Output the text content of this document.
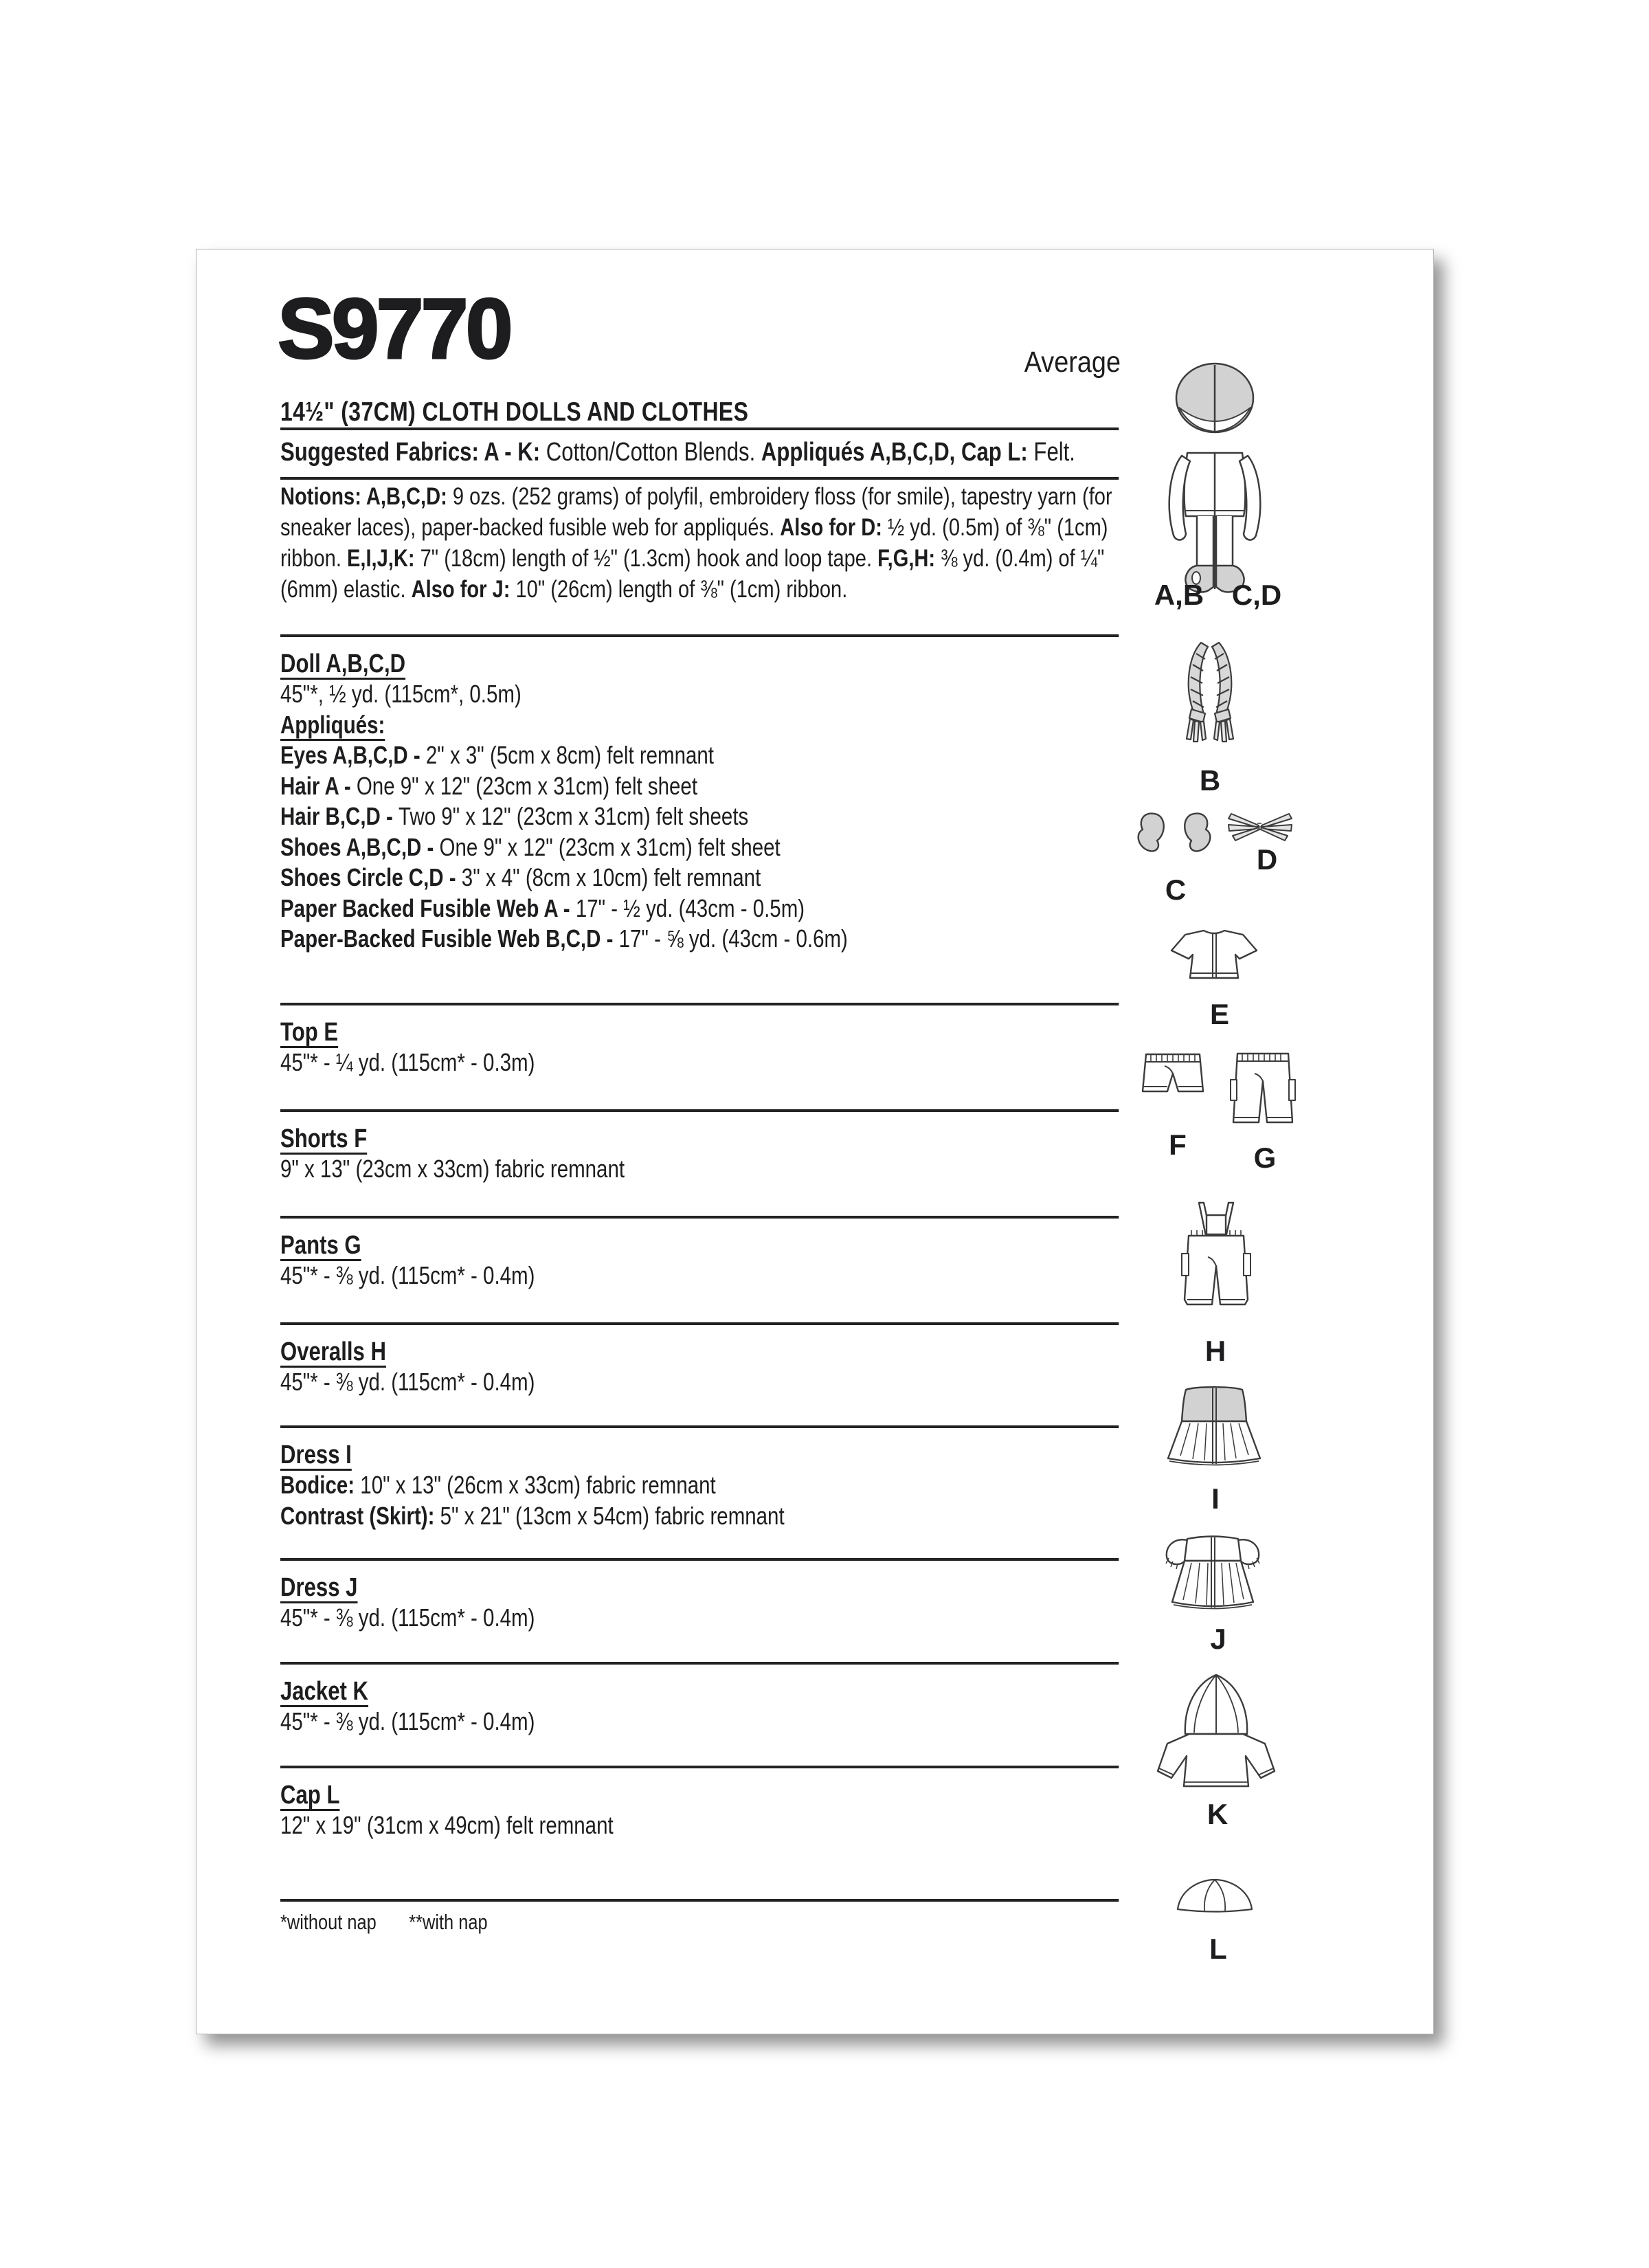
S9770	Average
14½" (37CM) CLOTH DOLLS AND CLOTHES
Suggested Fabrics: A - K: Cotton/Cotton Blends. Appliqués A,B,C,D, Cap L: Felt.
Notions: A,B,C,D: 9 ozs. (252 grams) of polyfil, embroidery floss (for smile), tapestry yarn (for sneaker laces), paper-backed fusible web for appliqués. Also for D: ½ yd. (0.5m) of ⅜" (1cm) ribbon. E,I,J,K: 7" (18cm) length of ½" (1.3cm) hook and loop tape. F,G,H: ⅜ yd. (0.4m) of ¼" (6mm) elastic. Also for J: 10" (26cm) length of ⅜" (1cm) ribbon.
Doll A,B,C,D
45"*, ½ yd. (115cm*, 0.5m)
Appliqués:
Eyes A,B,C,D - 2" x 3" (5cm x 8cm) felt remnant
Hair A - One 9" x 12" (23cm x 31cm) felt sheet
Hair B,C,D - Two 9" x 12" (23cm x 31cm) felt sheets
Shoes A,B,C,D - One 9" x 12" (23cm x 31cm) felt sheet
Shoes Circle C,D - 3" x 4" (8cm x 10cm) felt remnant
Paper Backed Fusible Web A - 17" - ½ yd. (43cm - 0.5m)
Paper-Backed Fusible Web B,C,D - 17" - ⅝ yd. (43cm - 0.6m)
Top E
45"* - ¼ yd. (115cm* - 0.3m)
Shorts F
9" x 13" (23cm x 33cm) fabric remnant
Pants G
45"* - ⅜ yd. (115cm* - 0.4m)
Overalls H
45"* - ⅜ yd. (115cm* - 0.4m)
Dress I
Bodice: 10" x 13" (26cm x 33cm) fabric remnant
Contrast (Skirt): 5" x 21" (13cm x 54cm) fabric remnant
Dress J
45"* - ⅜ yd. (115cm* - 0.4m)
Jacket K
45"* - ⅜ yd. (115cm* - 0.4m)
Cap L
12" x 19" (31cm x 49cm) felt remnant
*without nap **with nap
A,B C,D
B
C
D
E
F	G
H
I
J
K
L
